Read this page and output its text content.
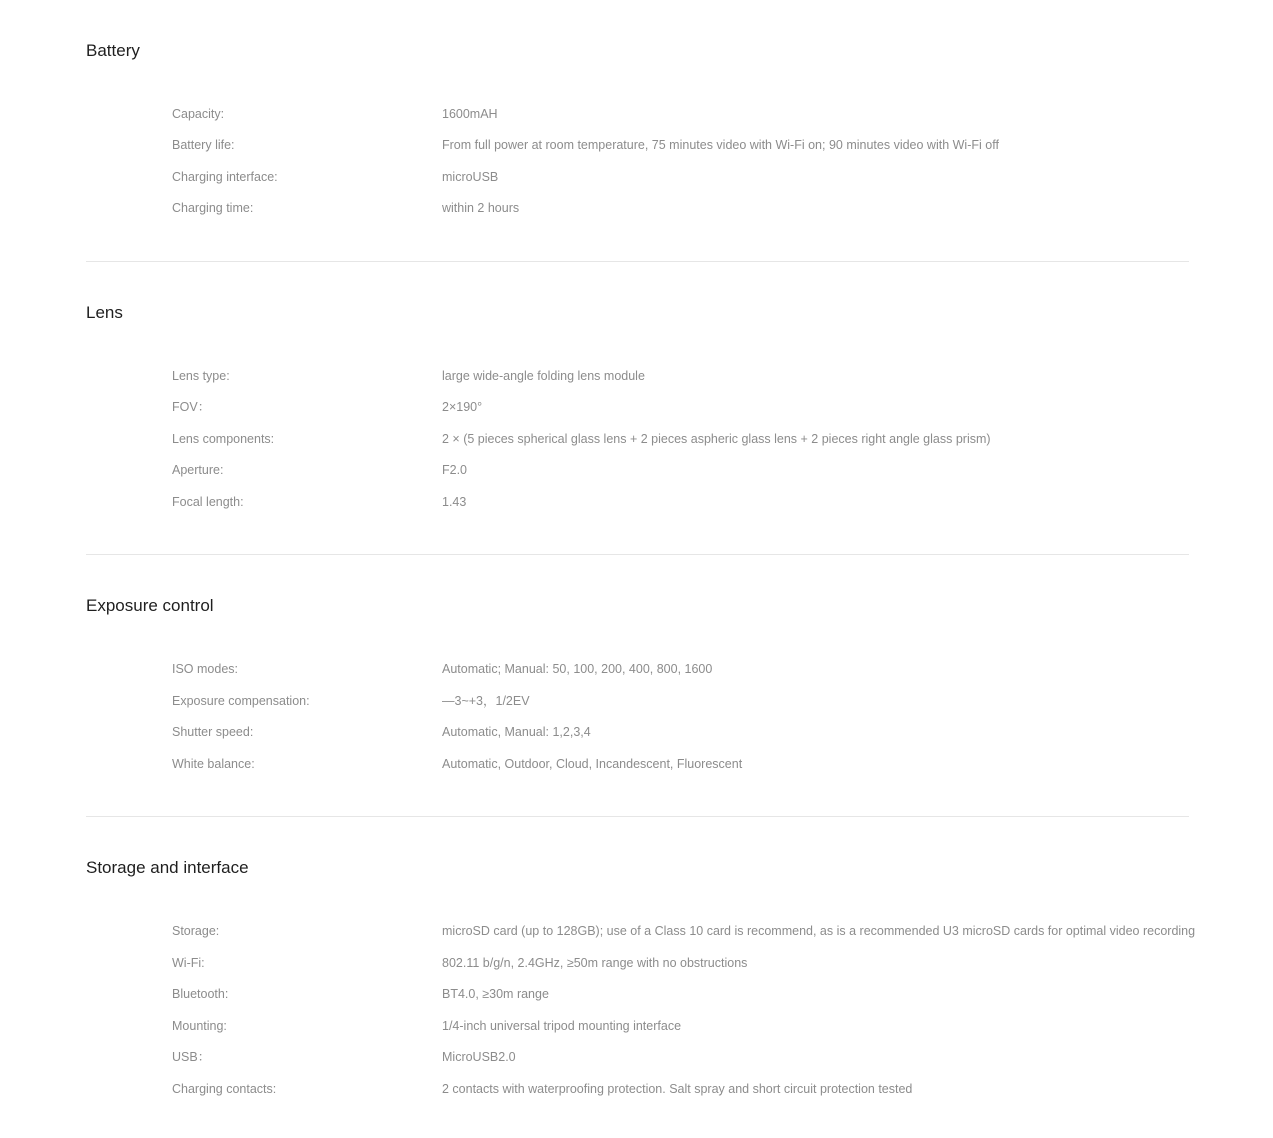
Battery
Capacity:	1600mAH
Battery life:	From full power at room temperature, 75 minutes video with Wi-Fi on; 90 minutes video with Wi-Fi off
Charging interface:	microUSB
Charging time:	within 2 hours
Lens
Lens type:	large wide-angle folding lens module
FOV：	2×190°
Lens components:	2 × (5 pieces spherical glass lens + 2 pieces aspheric glass lens + 2 pieces right angle glass prism)
Aperture:	F2.0
Focal length:	1.43
Exposure control
ISO modes:	Automatic; Manual: 50, 100, 200, 400, 800, 1600
Exposure compensation:	—3~+3，1/2EV
Shutter speed:	Automatic, Manual: 1,2,3,4
White balance:	Automatic, Outdoor, Cloud, Incandescent, Fluorescent
Storage and interface
Storage:	microSD card (up to 128GB); use of a Class 10 card is recommend, as is a recommended U3 microSD cards for optimal video recording
Wi-Fi:	802.11 b/g/n, 2.4GHz, ≥50m range with no obstructions
Bluetooth:	BT4.0, ≥30m range
Mounting:	1/4-inch universal tripod mounting interface
USB：	MicroUSB2.0
Charging contacts:	2 contacts with waterproofing protection. Salt spray and short circuit protection tested
